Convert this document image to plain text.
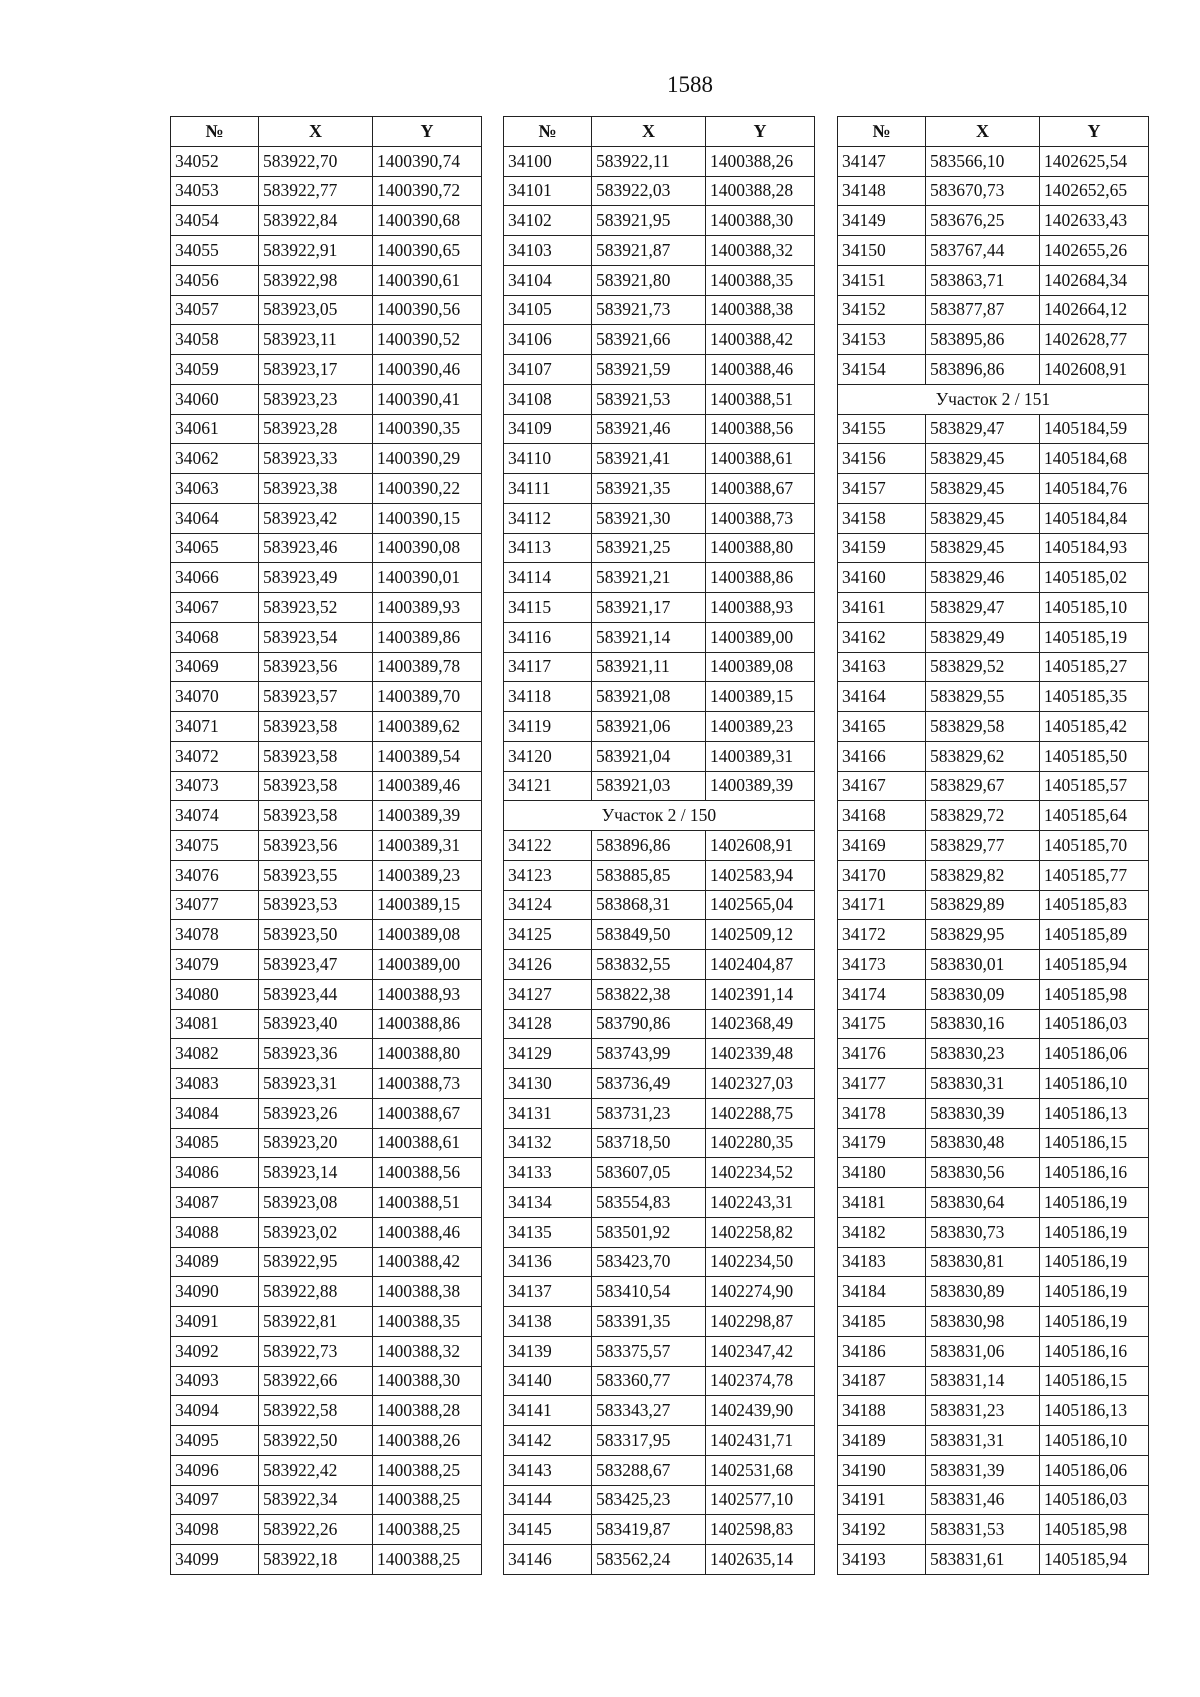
1588
№	X	Y
34052	583922,70	1400390,74
34053	583922,77	1400390,72
34054	583922,84	1400390,68
34055	583922,91	1400390,65
34056	583922,98	1400390,61
34057	583923,05	1400390,56
34058	583923,11	1400390,52
34059	583923,17	1400390,46
34060	583923,23	1400390,41
34061	583923,28	1400390,35
34062	583923,33	1400390,29
34063	583923,38	1400390,22
34064	583923,42	1400390,15
34065	583923,46	1400390,08
34066	583923,49	1400390,01
34067	583923,52	1400389,93
34068	583923,54	1400389,86
34069	583923,56	1400389,78
34070	583923,57	1400389,70
34071	583923,58	1400389,62
34072	583923,58	1400389,54
34073	583923,58	1400389,46
34074	583923,58	1400389,39
34075	583923,56	1400389,31
34076	583923,55	1400389,23
34077	583923,53	1400389,15
34078	583923,50	1400389,08
34079	583923,47	1400389,00
34080	583923,44	1400388,93
34081	583923,40	1400388,86
34082	583923,36	1400388,80
34083	583923,31	1400388,73
34084	583923,26	1400388,67
34085	583923,20	1400388,61
34086	583923,14	1400388,56
34087	583923,08	1400388,51
34088	583923,02	1400388,46
34089	583922,95	1400388,42
34090	583922,88	1400388,38
34091	583922,81	1400388,35
34092	583922,73	1400388,32
34093	583922,66	1400388,30
34094	583922,58	1400388,28
34095	583922,50	1400388,26
34096	583922,42	1400388,25
34097	583922,34	1400388,25
34098	583922,26	1400388,25
34099	583922,18	1400388,25
№	X	Y
34100	583922,11	1400388,26
34101	583922,03	1400388,28
34102	583921,95	1400388,30
34103	583921,87	1400388,32
34104	583921,80	1400388,35
34105	583921,73	1400388,38
34106	583921,66	1400388,42
34107	583921,59	1400388,46
34108	583921,53	1400388,51
34109	583921,46	1400388,56
34110	583921,41	1400388,61
34111	583921,35	1400388,67
34112	583921,30	1400388,73
34113	583921,25	1400388,80
34114	583921,21	1400388,86
34115	583921,17	1400388,93
34116	583921,14	1400389,00
34117	583921,11	1400389,08
34118	583921,08	1400389,15
34119	583921,06	1400389,23
34120	583921,04	1400389,31
34121	583921,03	1400389,39
Участок 2 / 150		
34122	583896,86	1402608,91
34123	583885,85	1402583,94
34124	583868,31	1402565,04
34125	583849,50	1402509,12
34126	583832,55	1402404,87
34127	583822,38	1402391,14
34128	583790,86	1402368,49
34129	583743,99	1402339,48
34130	583736,49	1402327,03
34131	583731,23	1402288,75
34132	583718,50	1402280,35
34133	583607,05	1402234,52
34134	583554,83	1402243,31
34135	583501,92	1402258,82
34136	583423,70	1402234,50
34137	583410,54	1402274,90
34138	583391,35	1402298,87
34139	583375,57	1402347,42
34140	583360,77	1402374,78
34141	583343,27	1402439,90
34142	583317,95	1402431,71
34143	583288,67	1402531,68
34144	583425,23	1402577,10
34145	583419,87	1402598,83
34146	583562,24	1402635,14
№	X	Y
34147	583566,10	1402625,54
34148	583670,73	1402652,65
34149	583676,25	1402633,43
34150	583767,44	1402655,26
34151	583863,71	1402684,34
34152	583877,87	1402664,12
34153	583895,86	1402628,77
34154	583896,86	1402608,91
Участок 2 / 151		
34155	583829,47	1405184,59
34156	583829,45	1405184,68
34157	583829,45	1405184,76
34158	583829,45	1405184,84
34159	583829,45	1405184,93
34160	583829,46	1405185,02
34161	583829,47	1405185,10
34162	583829,49	1405185,19
34163	583829,52	1405185,27
34164	583829,55	1405185,35
34165	583829,58	1405185,42
34166	583829,62	1405185,50
34167	583829,67	1405185,57
34168	583829,72	1405185,64
34169	583829,77	1405185,70
34170	583829,82	1405185,77
34171	583829,89	1405185,83
34172	583829,95	1405185,89
34173	583830,01	1405185,94
34174	583830,09	1405185,98
34175	583830,16	1405186,03
34176	583830,23	1405186,06
34177	583830,31	1405186,10
34178	583830,39	1405186,13
34179	583830,48	1405186,15
34180	583830,56	1405186,16
34181	583830,64	1405186,19
34182	583830,73	1405186,19
34183	583830,81	1405186,19
34184	583830,89	1405186,19
34185	583830,98	1405186,19
34186	583831,06	1405186,16
34187	583831,14	1405186,15
34188	583831,23	1405186,13
34189	583831,31	1405186,10
34190	583831,39	1405186,06
34191	583831,46	1405186,03
34192	583831,53	1405185,98
34193	583831,61	1405185,94
